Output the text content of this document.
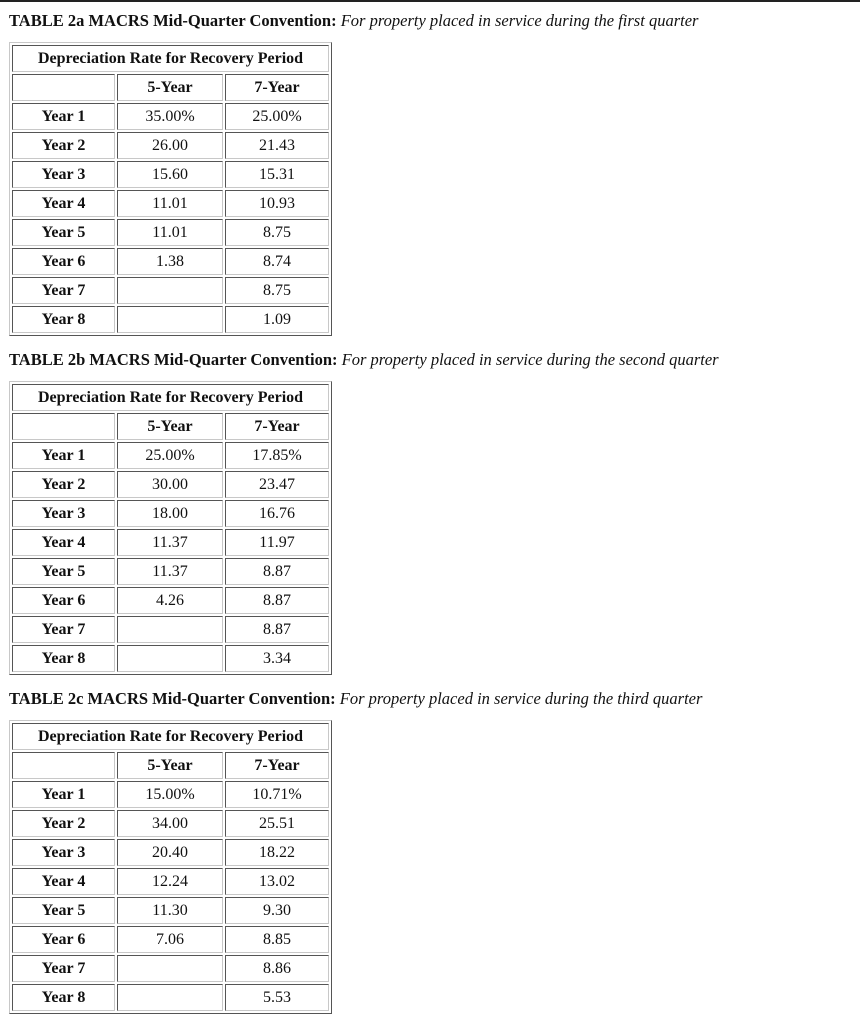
TABLE 2a MACRS Mid-Quarter Convention: For property placed in service during the first quarter

Depreciation Rate for Recovery Period		
	5-Year	7-Year
Year 1	35.00%	25.00%
Year 2	26.00	21.43
Year 3	15.60	15.31
Year 4	11.01	10.93
Year 5	11.01	8.75
Year 6	1.38	8.74
Year 7		8.75
Year 8		1.09

TABLE 2b MACRS Mid-Quarter Convention: For property placed in service during the second quarter

Depreciation Rate for Recovery Period		
	5-Year	7-Year
Year 1	25.00%	17.85%
Year 2	30.00	23.47
Year 3	18.00	16.76
Year 4	11.37	11.97
Year 5	11.37	8.87
Year 6	4.26	8.87
Year 7		8.87
Year 8		3.34

TABLE 2c MACRS Mid-Quarter Convention: For property placed in service during the third quarter

Depreciation Rate for Recovery Period		
	5-Year	7-Year
Year 1	15.00%	10.71%
Year 2	34.00	25.51
Year 3	20.40	18.22
Year 4	12.24	13.02
Year 5	11.30	9.30
Year 6	7.06	8.85
Year 7		8.86
Year 8		5.53
